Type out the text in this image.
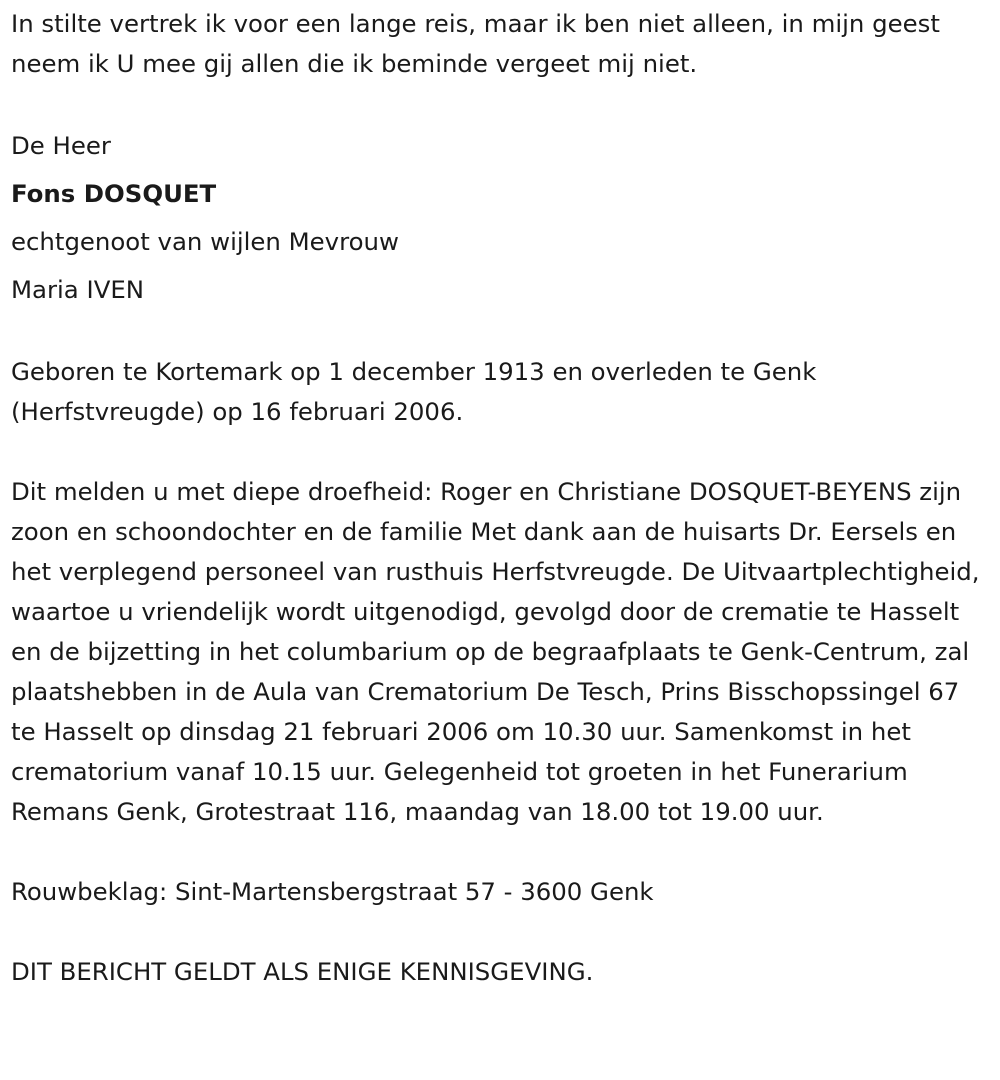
In stilte vertrek ik voor een lange reis, maar ik ben niet alleen, in mijn geest neem ik U mee gij allen die ik beminde vergeet mij niet.

De Heer

Fons DOSQUET

echtgenoot van wijlen Mevrouw

Maria IVEN

Geboren te Kortemark op 1 december 1913 en overleden te Genk (Herfstvreugde) op 16 februari 2006.

Dit melden u met diepe droefheid: Roger en Christiane DOSQUET-BEYENS zijn zoon en schoondochter en de familie Met dank aan de huisarts Dr. Eersels en het verplegend personeel van rusthuis Herfstvreugde. De Uitvaartplechtigheid, waartoe u vriendelijk wordt uitgenodigd, gevolgd door de crematie te Hasselt en de bijzetting in het columbarium op de begraafplaats te Genk-Centrum, zal plaatshebben in de Aula van Crematorium De Tesch, Prins Bisschopssingel 67 te Hasselt op dinsdag 21 februari 2006 om 10.30 uur. Samenkomst in het crematorium vanaf 10.15 uur. Gelegenheid tot groeten in het Funerarium Remans Genk, Grotestraat 116, maandag van 18.00 tot 19.00 uur.

Rouwbeklag: Sint-Martensbergstraat 57 - 3600 Genk

DIT BERICHT GELDT ALS ENIGE KENNISGEVING.
